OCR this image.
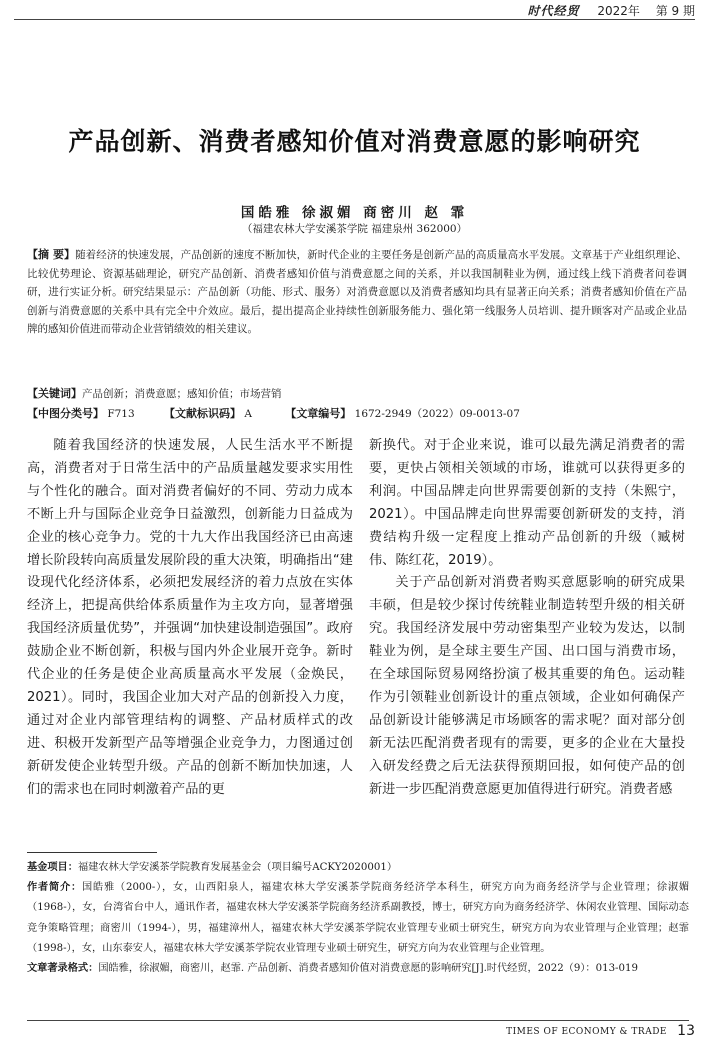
时代经贸 2022年 第 9 期
产品创新、消费者感知价值对消费意愿的影响研究
国皓雅 徐淑媚 商密川 赵 霏
（福建农林大学安溪茶学院 福建泉州 362000）
【摘 要】随着经济的快速发展，产品创新的速度不断加快，新时代企业的主要任务是创新产品的高质量高水平发展。文章基于产业组织理论、比较优势理论、资源基础理论，研究产品创新、消费者感知价值与消费意愿之间的关系，并以我国制鞋业为例，通过线上线下消费者问卷调研，进行实证分析。研究结果显示：产品创新（功能、形式、服务）对消费意愿以及消费者感知均具有显著正向关系；消费者感知价值在产品创新与消费意愿的关系中具有完全中介效应。最后，提出提高企业持续性创新服务能力、强化第一线服务人员培训、提升顾客对产品或企业品牌的感知价值进而带动企业营销绩效的相关建议。
【关键词】产品创新；消费意愿；感知价值；市场营销
【中图分类号】 F713	【文献标识码】 A	【文章编号】 1672-2949（2022）09-0013-07

随着我国经济的快速发展，人民生活水平不断提高，消费者对于日常生活中的产品质量越发要求实用性与个性化的融合。面对消费者偏好的不同、劳动力成本不断上升与国际企业竞争日益激烈，创新能力日益成为企业的核心竞争力。党的十九大作出我国经济已由高速增长阶段转向高质量发展阶段的重大决策，明确指出“建设现代化经济体系，必须把发展经济的着力点放在实体经济上，把提高供给体系质量作为主攻方向，显著增强我国经济质量优势”，并强调“加快建设制造强国”。政府鼓励企业不断创新，积极与国内外企业展开竞争。新时代企业的任务是使企业高质量高水平发展（金焕民，2021）。同时，我国企业加大对产品的创新投入力度，通过对企业内部管理结构的调整、产品材质样式的改进、积极开发新型产品等增强企业竞争力，力图通过创新研发使企业转型升级。产品的创新不断加快加速，人们的需求也在同时刺激着产品的更

新换代。对于企业来说，谁可以最先满足消费者的需要，更快占领相关领域的市场，谁就可以获得更多的利润。中国品牌走向世界需要创新的支持（朱熙宁，2021）。中国品牌走向世界需要创新研发的支持，消费结构升级一定程度上推动产品创新的升级（臧树伟、陈红花，2019）。

关于产品创新对消费者购买意愿影响的研究成果丰硕，但是较少探讨传统鞋业制造转型升级的相关研究。我国经济发展中劳动密集型产业较为发达，以制鞋业为例，是全球主要生产国、出口国与消费市场，在全球国际贸易网络扮演了极其重要的角色。运动鞋作为引领鞋业创新设计的重点领域，企业如何确保产品创新设计能够满足市场顾客的需求呢？面对部分创新无法匹配消费者现有的需要，更多的企业在大量投入研发经费之后无法获得预期回报，如何使产品的创新进一步匹配消费意愿更加值得进行研究。消费者感

基金项目：福建农林大学安溪茶学院教育发展基金会（项目编号ACKY2020001）

作者简介：国皓雅（2000-），女，山西阳泉人，福建农林大学安溪茶学院商务经济学本科生，研究方向为商务经济学与企业管理；徐淑媚（1968-），女，台湾省台中人，通讯作者，福建农林大学安溪茶学院商务经济系副教授，博士，研究方向为商务经济学、休闲农业管理、国际动态竞争策略管理；商密川（1994-），男，福建漳州人，福建农林大学安溪茶学院农业管理专业硕士研究生，研究方向为农业管理与企业管理；赵霏（1998-），女，山东泰安人，福建农林大学安溪茶学院农业管理专业硕士研究生，研究方向为农业管理与企业管理。

文章著录格式：国皓雅，徐淑媚，商密川，赵霏. 产品创新、消费者感知价值对消费意愿的影响研究[J].时代经贸，2022（9）：013-019

TIMES OF ECONOMY & TRADE 13
